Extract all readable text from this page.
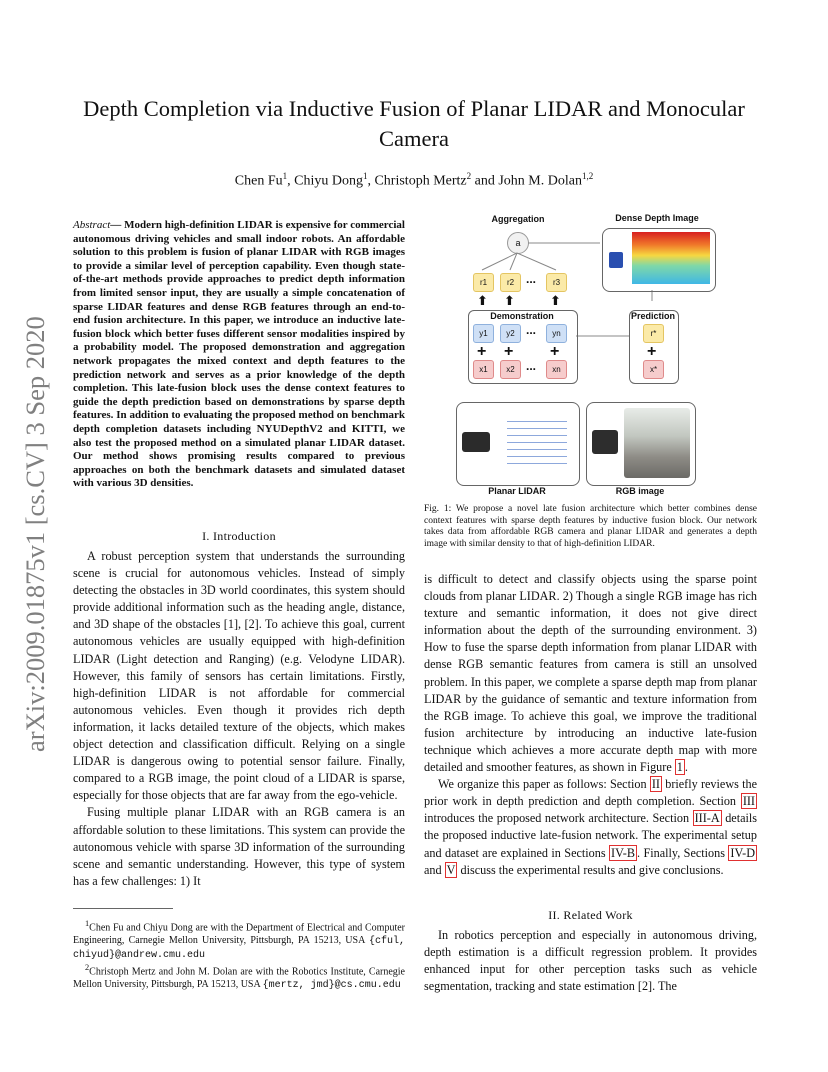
arXiv:2009.01875v1 [cs.CV] 3 Sep 2020
Depth Completion via Inductive Fusion of Planar LIDAR and Monocular
Camera
Chen Fu$^1$, Chiyu Dong$^1$, Christoph Mertz$^2$ and John M. Dolan$^{1,2}$
Abstract— Modern high-definition LIDAR is expensive for commercial autonomous driving vehicles and small indoor robots. An affordable solution to this problem is fusion of planar LIDAR with RGB images to provide a similar level of perception capability. Even though state-of-the-art methods provide approaches to predict depth information from limited sensor input, they are usually a simple concatenation of sparse LIDAR features and dense RGB features through an end-to-end fusion architecture. In this paper, we introduce an inductive late-fusion block which better fuses different sensor modalities inspired by a probability model. The proposed demonstration and aggregation network propagates the mixed context and depth features to the prediction network and serves as a prior knowledge of the depth completion. This late-fusion block uses the dense context features to guide the depth prediction based on demonstrations by sparse depth features. In addition to evaluating the proposed method on benchmark depth completion datasets including NYUDepthV2 and KITTI, we also test the proposed method on a simulated planar LIDAR dataset. Our method shows promising results compared to previous approaches on both the benchmark datasets and simulated dataset with various 3D densities.
I. Introduction

A robust perception system that understands the surrounding scene is crucial for autonomous vehicles. Instead of simply detecting the obstacles in 3D world coordinates, this system should provide additional information such as the heading angle, distance, and 3D shape of the obstacles [1], [2]. To achieve this goal, current autonomous vehicles are usually equipped with high-definition LIDAR (Light detection and Ranging) (e.g. Velodyne LIDAR). However, this family of sensors has certain limitations. Firstly, high-definition LIDAR is not affordable for commercial autonomous vehicles. Even though it provides rich depth information, it lacks detailed texture of the objects, which makes object detection and classification difficult. Relying on a single LIDAR is dangerous owing to potential sensor failure. Finally, compared to a RGB image, the point cloud of a LIDAR is sparse, especially for those objects that are far away from the ego-vehicle.

Fusing multiple planar LIDAR with an RGB camera is an affordable solution to these limitations. This system can provide the autonomous vehicle with sparse 3D information of the surrounding scene and semantic understanding. However, this type of system has a few challenges: 1) It

$^1$Chen Fu and Chiyu Dong are with the Department of Electrical and Computer Engineering, Carnegie Mellon University, Pittsburgh, PA 15213, USA {cful, chiyud}@andrew.cmu.edu

$^2$Christoph Mertz and John M. Dolan are with the Robotics Institute, Carnegie Mellon University, Pittsburgh, PA 15213, USA {mertz, jmd}@cs.cmu.edu

Aggregation	Dense Depth Image
a
r1	r2 ...	r3
⬆ ⬆	⬆
Demonstration
y1	y2 ...	yn
+ + +
x1	x2 ...	xn
Prediction
r*
+
x*
Planar LIDAR	RGB image
Fig. 1: We propose a novel late fusion architecture which better combines dense context features with sparse depth features by inductive fusion block. Our network takes data from affordable RGB camera and planar LIDAR and generates a depth image with similar density to that of high-definition LIDAR.

is difficult to detect and classify objects using the sparse point clouds from planar LIDAR. 2) Though a single RGB image has rich texture and semantic information, it does not give direct information about the depth of the surrounding environment. 3) How to fuse the sparse depth information from planar LIDAR with dense RGB semantic features from camera is still an unsolved problem. In this paper, we complete a sparse depth map from planar LIDAR by the guidance of semantic and texture information from the RGB image. To achieve this goal, we improve the traditional fusion architecture by introducing an inductive late-fusion technique which achieves a more accurate depth map with more detailed and smoother features, as shown in Figure 1 .

We organize this paper as follows: Section II briefly reviews the prior work in depth prediction and depth completion. Section III introduces the proposed network architecture. Section III-A details the proposed inductive late-fusion network. The experimental setup and dataset are explained in Sections IV-B . Finally, Sections IV-D and V discuss the experimental results and give conclusions.

II. Related Work

In robotics perception and especially in autonomous driving, depth estimation is a difficult regression problem. It provides enhanced input for other perception tasks such as vehicle segmentation, tracking and state estimation [2]. The
